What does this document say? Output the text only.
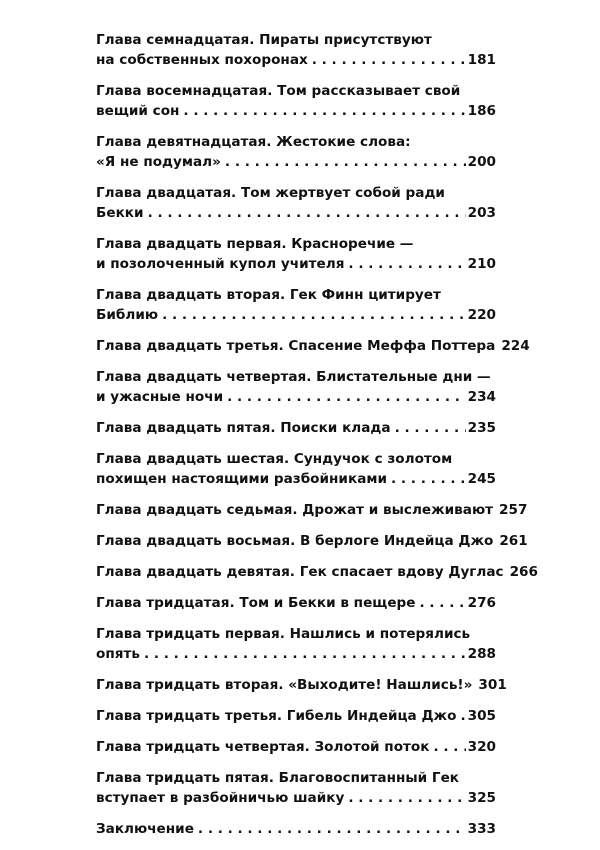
Глава семнадцатая. Пираты присутствуют
на собственных похоронах . . .	181
Глава восемнадцатая. Том рассказывает свой
вещий сон . . .	186
Глава девятнадцатая. Жестокие слова:
«Я не подумал» . . .	200
Глава двадцатая. Том жертвует собой ради
Бекки . . .	203
Глава двадцать первая. Красноречие —
и позолоченный купол учителя . . .	210
Глава двадцать вторая. Гек Финн цитирует
Библию . . .	220
Глава двадцать третья. Спасение Меффа Поттера . . . 224
Глава двадцать четвертая. Блистательные дни —
и ужасные ночи . . .	234
Глава двадцать пятая. Поиски клада . . .	235
Глава двадцать шестая. Сундучок с золотом
похищен настоящими разбойниками . . .	245
Глава двадцать седьмая. Дрожат и выслеживают . . . 257
Глава двадцать восьмая. В берлоге Индейца Джо . . . 261
Глава двадцать девятая. Гек спасает вдову Дуглас . . . 266
Глава тридцатая. Том и Бекки в пещере . . .	276
Глава тридцать первая. Нашлись и потерялись
опять . . .	288
Глава тридцать вторая. «Выходите! Нашлись!» . . . 301
Глава тридцать третья. Гибель Индейца Джо . . . 305
Глава тридцать четвертая. Золотой поток . . .	320
Глава тридцать пятая. Благовоспитанный Гек
вступает в разбойничью шайку . . .	325
Заключение . . .	333
